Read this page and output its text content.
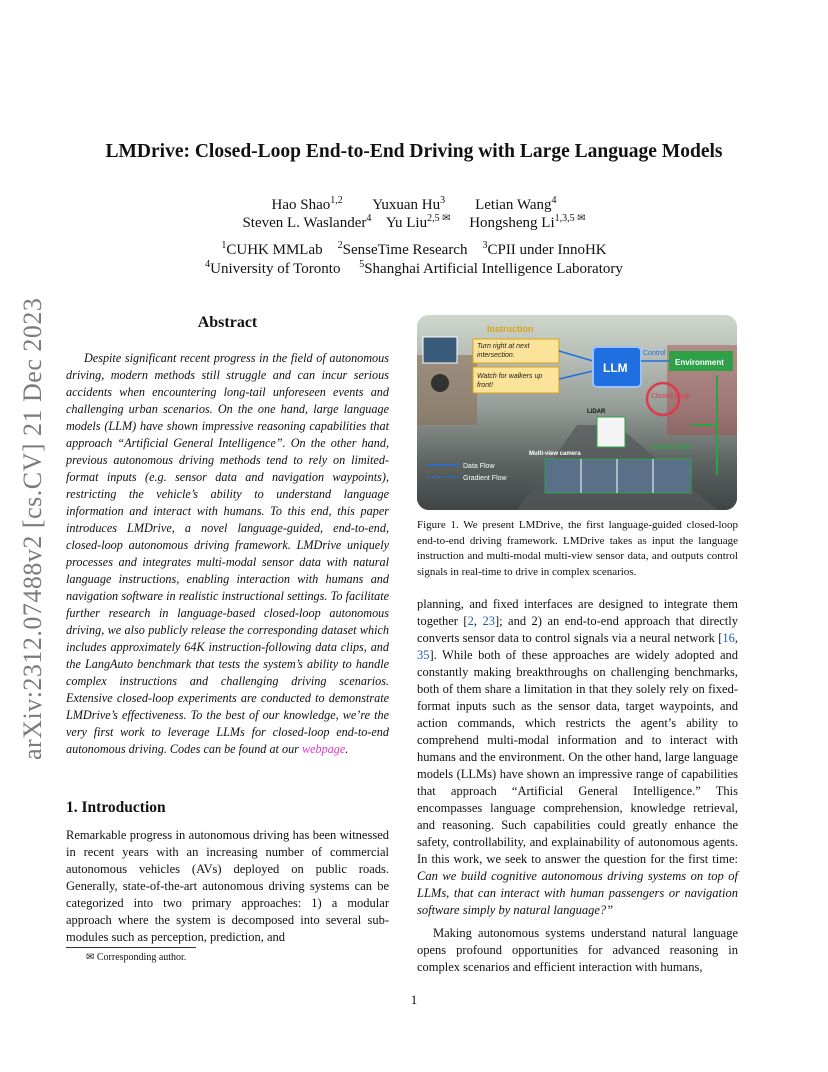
arXiv:2312.07488v2 [cs.CV] 21 Dec 2023
LMDrive: Closed-Loop End-to-End Driving with Large Language Models
Hao Shao$^{1,2}$ Yuxuan Hu$^3$ Letian Wang$^4$
Steven L. Waslander$^4$ Yu Liu$^{2,5 ✉}$ Hongsheng $Li^{1,3,5 ✉}$
$^1$CUHK MMLab $^2$SenseTime Research $^3$CPII under InnoHK
$^4$University of Toronto $^5$Shanghai Artificial Intelligence Laboratory
Abstract

Despite significant recent progress in the field of autonomous driving, modern methods still struggle and can incur serious accidents when encountering long-tail unforeseen events and challenging urban scenarios. On the one hand, large language models (LLM) have shown impressive reasoning capabilities that approach “Artificial General Intelligence”. On the other hand, previous autonomous driving methods tend to rely on limited-format inputs (e.g. sensor data and navigation waypoints), restricting the vehicle’s ability to understand language information and interact with humans. To this end, this paper introduces LMDrive, a novel language-guided, end-to-end, closed-loop autonomous driving framework. LMDrive uniquely processes and integrates multi-modal sensor data with natural language instructions, enabling interaction with humans and navigation software in realistic instructional settings. To facilitate further research in language-based closed-loop autonomous driving, we also publicly release the corresponding dataset which includes approximately 64K instruction-following data clips, and the LangAuto benchmark that tests the system’s ability to handle complex instructions and challenging driving scenarios. Extensive closed-loop experiments are conducted to demonstrate LMDrive’s effectiveness. To the best of our knowledge, we’re the very first work to leverage LLMs for closed-loop end-to-end autonomous driving. Codes can be found at our webpage.

1. Introduction

Remarkable progress in autonomous driving has been witnessed in recent years with an increasing number of commercial autonomous vehicles (AVs) deployed on public roads. Generally, state-of-the-art autonomous driving systems can be categorized into two primary approaches: 1) a modular approach where the system is decomposed into several sub-modules such as perception, prediction, and

✉ Corresponding author.
Instruction
Turn right at next intersection.
Watch for walkers up front!
LLM
Control
Environment
Closed Loop
LiDAR
Sensor data
Multi-view camera
Data Flow
Gradient Flow

Figure 1. We present LMDrive, the first language-guided closed-loop end-to-end driving framework. LMDrive takes as input the language instruction and multi-modal multi-view sensor data, and outputs control signals in real-time to drive in complex scenarios.

planning, and fixed interfaces are designed to integrate them together [2, 23]; and 2) an end-to-end approach that directly converts sensor data to control signals via a neural network [16, 35]. While both of these approaches are widely adopted and constantly making breakthroughs on challenging benchmarks, both of them share a limitation in that they solely rely on fixed-format inputs such as the sensor data, target waypoints, and action commands, which restricts the agent’s ability to comprehend multi-modal information and to interact with humans and the environment. On the other hand, large language models (LLMs) have shown an impressive range of capabilities that approach “Artificial General Intelligence.” This encompasses language comprehension, knowledge retrieval, and reasoning. Such capabilities could greatly enhance the safety, controllability, and explainability of autonomous agents. In this work, we seek to answer the question for the first time: Can we build cognitive autonomous driving systems on top of LLMs, that can interact with human passengers or navigation software simply by natural language?”

Making autonomous systems understand natural language opens profound opportunities for advanced reasoning in complex scenarios and efficient interaction with humans,

1
